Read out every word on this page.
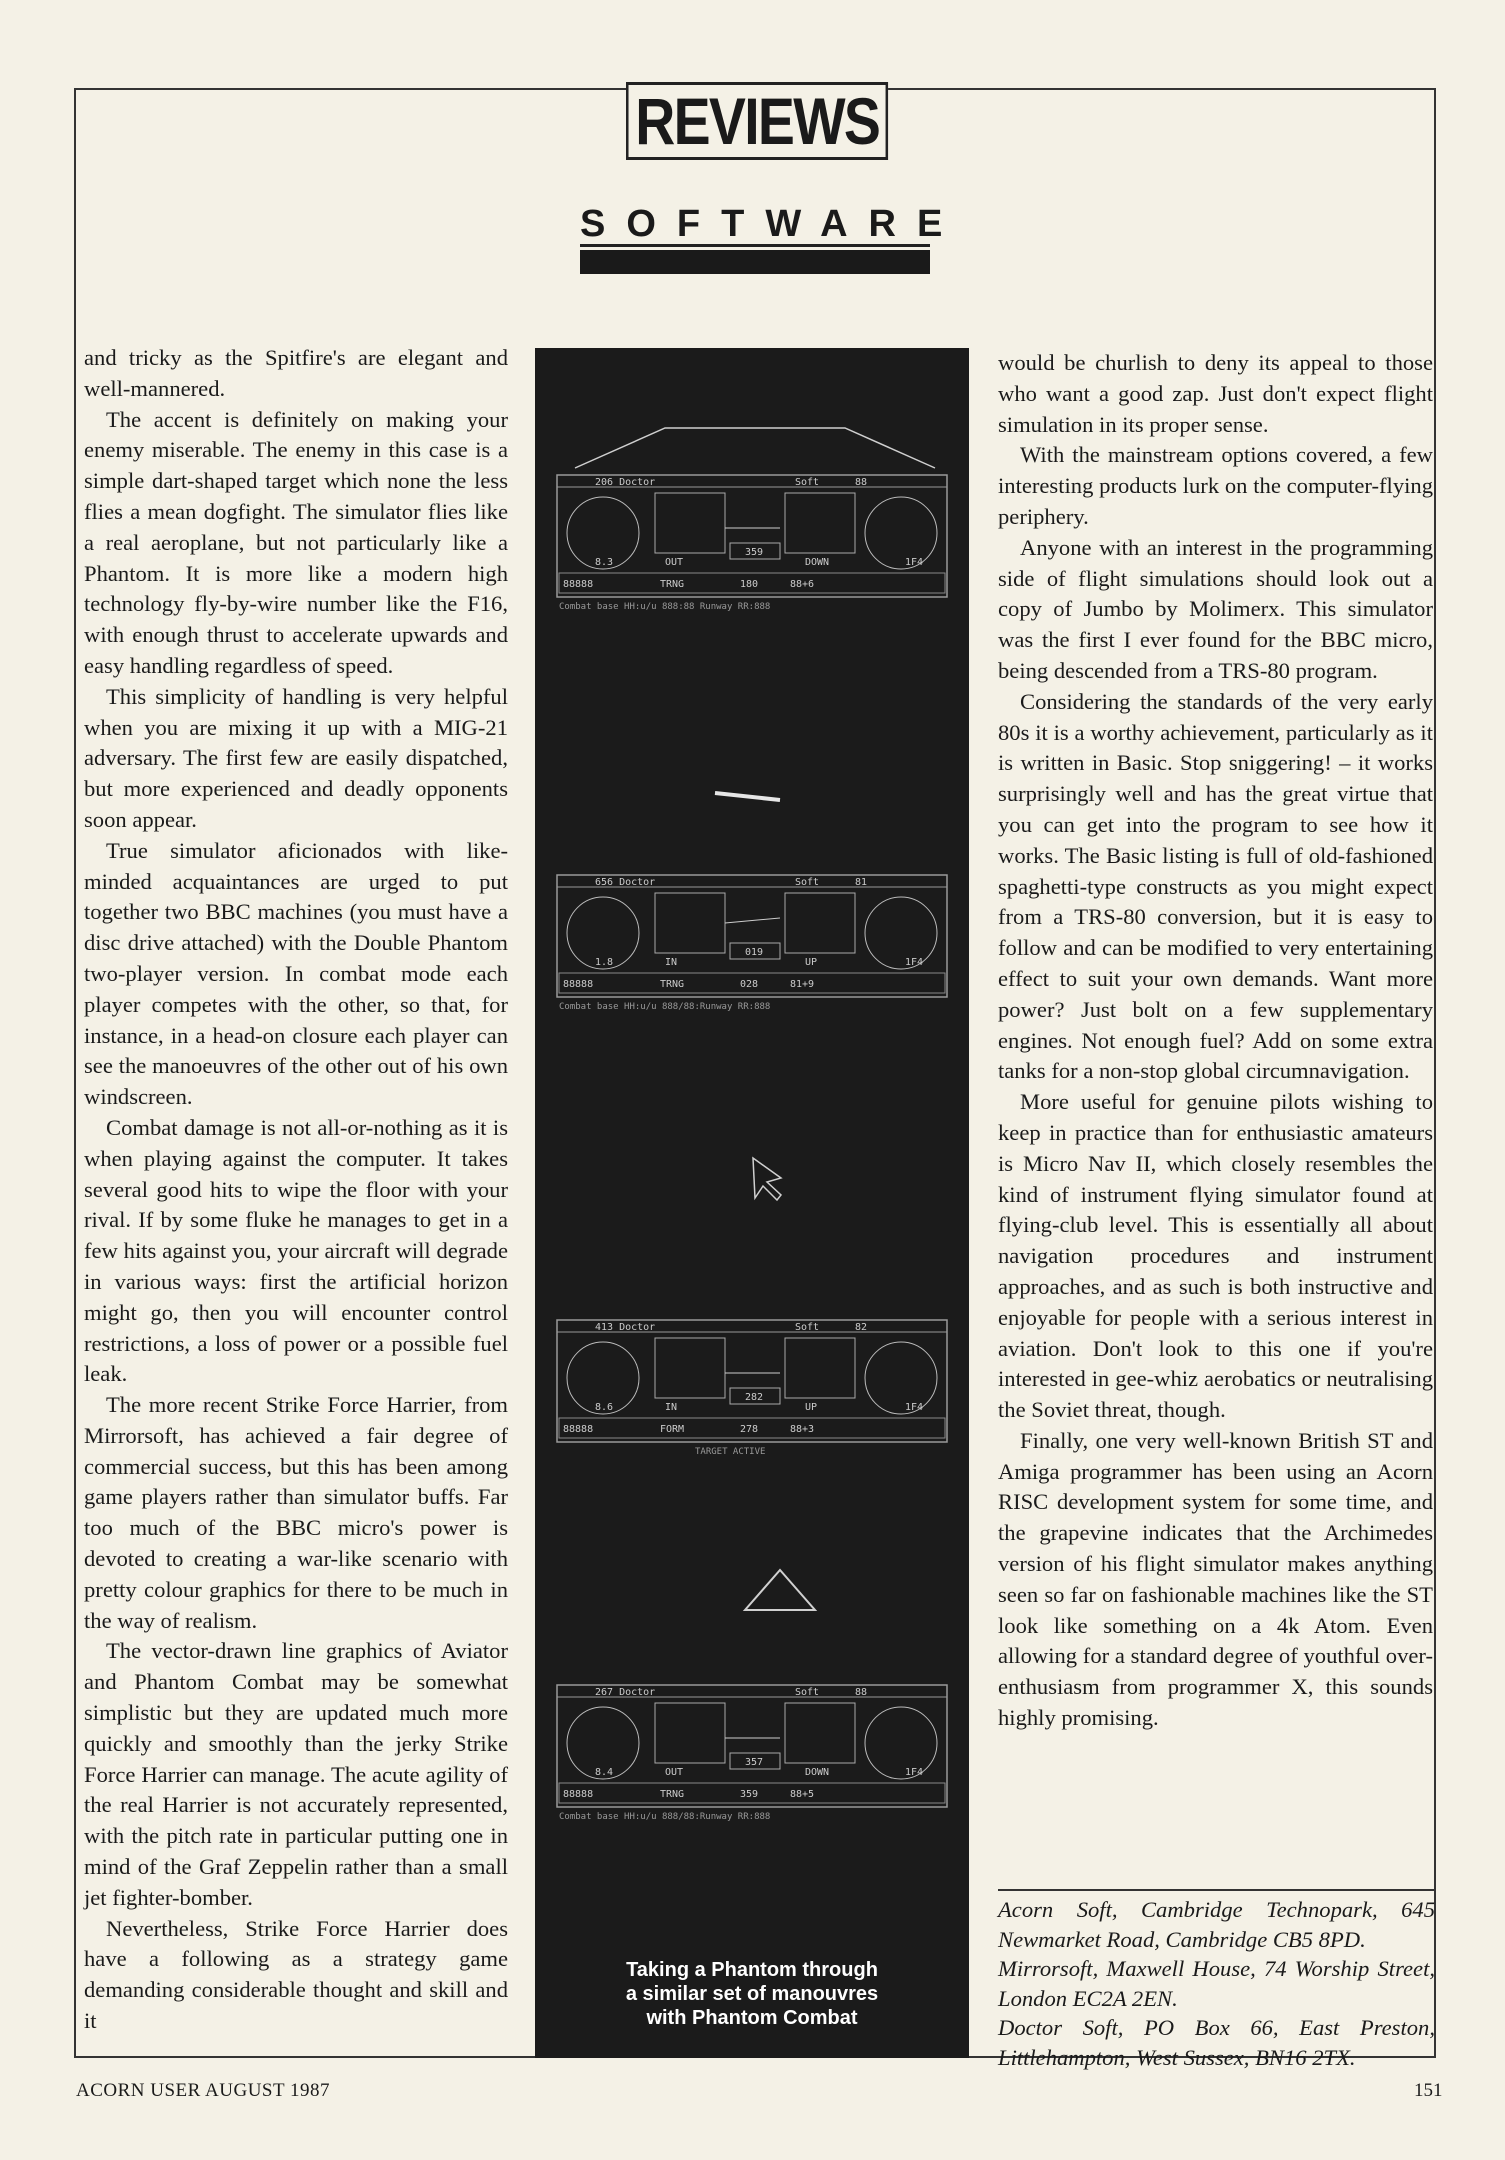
REVIEWS
SOFTWARE

and tricky as the Spitfire's are elegant and well-mannered.

The accent is definitely on making your enemy miserable. The enemy in this case is a simple dart-shaped target which none the less flies a mean dogfight. The simulator flies like a real aeroplane, but not particularly like a Phantom. It is more like a modern high technology fly-by-wire number like the F16, with enough thrust to accelerate upwards and easy handling regardless of speed.

This simplicity of handling is very helpful when you are mixing it up with a MIG-21 adversary. The first few are easily dispatched, but more experienced and deadly opponents soon appear.

True simulator aficionados with like-minded acquaintances are urged to put together two BBC machines (you must have a disc drive attached) with the Double Phantom two-player version. In combat mode each player competes with the other, so that, for instance, in a head-on closure each player can see the manoeuvres of the other out of his own windscreen.

Combat damage is not all-or-nothing as it is when playing against the computer. It takes several good hits to wipe the floor with your rival. If by some fluke he manages to get in a few hits against you, your aircraft will degrade in various ways: first the artificial horizon might go, then you will encounter control restrictions, a loss of power or a possible fuel leak.

The more recent Strike Force Harrier, from Mirrorsoft, has achieved a fair degree of commercial success, but this has been among game players rather than simulator buffs. Far too much of the BBC micro's power is devoted to creating a war-like scenario with pretty colour graphics for there to be much in the way of realism.

The vector-drawn line graphics of Aviator and Phantom Combat may be somewhat simplistic but they are updated much more quickly and smoothly than the jerky Strike Force Harrier can manage. The acute agility of the real Harrier is not accurately represented, with the pitch rate in particular putting one in mind of the Graf Zeppelin rather than a small jet fighter-bomber.

Nevertheless, Strike Force Harrier does have a following as a strategy game demanding considerable thought and skill and it

206 Doctor	Soft	88
359
OUT	DOWN
8.3
88888	TRNG	180	88+6
1F4
Combat base HH:u/u 888:88 Runway RR:888
656 Doctor	Soft	81
019
IN	UP
1.8
88888	TRNG	028	81+9
1F4
Combat base HH:u/u 888/88:Runway RR:888
413 Doctor	Soft	82
282
IN	UP
8.6
88888	FORM	278	88+3
1F4
TARGET ACTIVE
267 Doctor	Soft	88
357
OUT	DOWN
8.4
88888	TRNG	359	88+5
1F4
Combat base HH:u/u 888/88:Runway RR:888
Taking a Phantom through
a similar set of manouvres
with Phantom Combat

would be churlish to deny its appeal to those who want a good zap. Just don't expect flight simulation in its proper sense.

With the mainstream options covered, a few interesting products lurk on the computer-flying periphery.

Anyone with an interest in the programming side of flight simulations should look out a copy of Jumbo by Molimerx. This simulator was the first I ever found for the BBC micro, being descended from a TRS-80 program.

Considering the standards of the very early 80s it is a worthy achievement, particularly as it is written in Basic. Stop sniggering! – it works surprisingly well and has the great virtue that you can get into the program to see how it works. The Basic listing is full of old-fashioned spaghetti-type constructs as you might expect from a TRS-80 conversion, but it is easy to follow and can be modified to very entertaining effect to suit your own demands. Want more power? Just bolt on a few supplementary engines. Not enough fuel? Add on some extra tanks for a non-stop global circumnavigation.

More useful for genuine pilots wishing to keep in practice than for enthusiastic amateurs is Micro Nav II, which closely resembles the kind of instrument flying simulator found at flying-club level. This is essentially all about navigation procedures and instrument approaches, and as such is both instructive and enjoyable for people with a serious interest in aviation. Don't look to this one if you're interested in gee-whiz aerobatics or neutralising the Soviet threat, though.

Finally, one very well-known British ST and Amiga programmer has been using an Acorn RISC development system for some time, and the grapevine indicates that the Archimedes version of his flight simulator makes anything seen so far on fashionable machines like the ST look like something on a 4k Atom. Even allowing for a standard degree of youthful over-enthusiasm from programmer X, this sounds highly promising.

Acorn Soft, Cambridge Technopark, 645 Newmarket Road, Cambridge CB5 8PD.
Mirrorsoft, Maxwell House, 74 Worship Street, London EC2A 2EN.
Doctor Soft, PO Box 66, East Preston, Littlehampton, West Sussex, BN16 2TX.
ACORN USER AUGUST 1987	151
